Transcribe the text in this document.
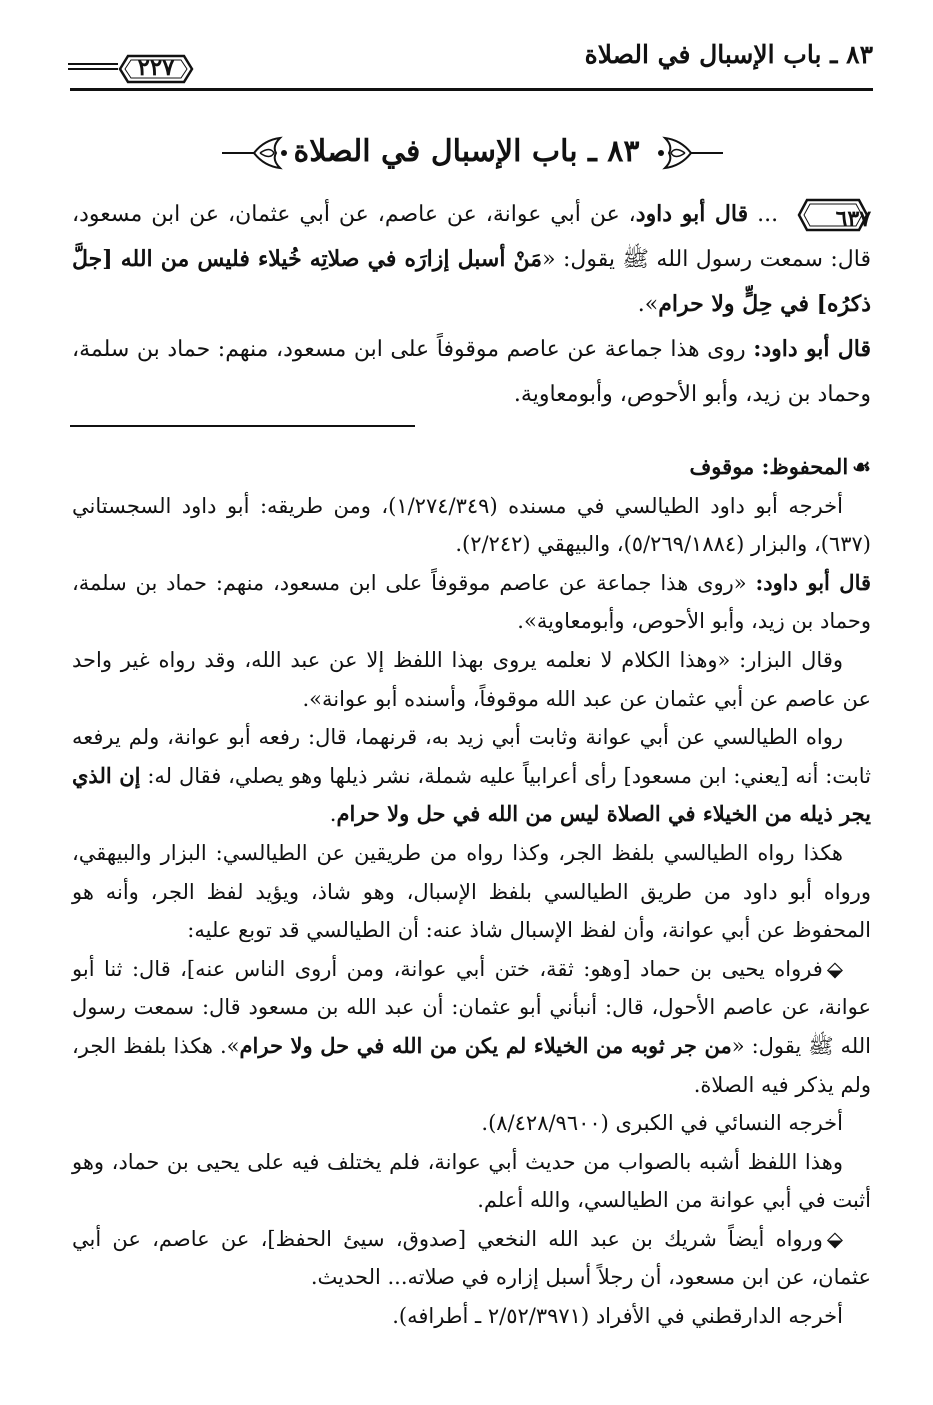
٨٣ ـ باب الإسبال في الصلاة
٢٢٧
٨٣ ـ باب الإسبال في الصلاة

٦٣٧
... قال أبو داود، عن أبي عوانة، عن عاصم، عن أبي عثمان، عن ابن مسعود، قال: سمعت رسول الله ﷺ يقول: «مَنْ أسبل إزارَه في صلاتِه خُيلاء فليس من الله [جلَّ ذكرُه] في حِلٍّ ولا حرام».

قال أبو داود: روى هذا جماعة عن عاصم موقوفاً على ابن مسعود، منهم: حماد بن سلمة، وحماد بن زيد، وأبو الأحوص، وأبومعاوية.

☙المحفوظ: موقوف

أخرجه أبو داود الطيالسي في مسنده (١/٢٧٤/٣٤٩)، ومن طريقه: أبو داود السجستاني (٦٣٧)، والبزار (٥/٢٦٩/١٨٨٤)، والبيهقي (٢/٢٤٢).

قال أبو داود: «روى هذا جماعة عن عاصم موقوفاً على ابن مسعود، منهم: حماد بن سلمة، وحماد بن زيد، وأبو الأحوص، وأبومعاوية».

وقال البزار: «وهذا الكلام لا نعلمه يروى بهذا اللفظ إلا عن عبد الله، وقد رواه غير واحد عن عاصم عن أبي عثمان عن عبد الله موقوفاً، وأسنده أبو عوانة».

رواه الطيالسي عن أبي عوانة وثابت أبي زيد به، قرنهما، قال: رفعه أبو عوانة، ولم يرفعه ثابت: أنه [يعني: ابن مسعود] رأى أعرابياً عليه شملة، نشر ذيلها وهو يصلي، فقال له: إن الذي يجر ذيله من الخيلاء في الصلاة ليس من الله في حل ولا حرام.

هكذا رواه الطيالسي بلفظ الجر، وكذا رواه من طريقين عن الطيالسي: البزار والبيهقي، ورواه أبو داود من طريق الطيالسي بلفظ الإسبال، وهو شاذ، ويؤيد لفظ الجر، وأنه هو المحفوظ عن أبي عوانة، وأن لفظ الإسبال شاذ عنه: أن الطيالسي قد توبع عليه:

⬙فرواه يحيى بن حماد [وهو: ثقة، ختن أبي عوانة، ومن أروى الناس عنه]، قال: ثنا أبو عوانة، عن عاصم الأحول، قال: أنبأني أبو عثمان: أن عبد الله بن مسعود قال: سمعت رسول الله ﷺ يقول: «من جر ثوبه من الخيلاء لم يكن من الله في حل ولا حرام». هكذا بلفظ الجر، ولم يذكر فيه الصلاة.

أخرجه النسائي في الكبرى (٨/٤٢٨/٩٦٠٠).

وهذا اللفظ أشبه بالصواب من حديث أبي عوانة، فلم يختلف فيه على يحيى بن حماد، وهو أثبت في أبي عوانة من الطيالسي، والله أعلم.

⬙ورواه أيضاً شريك بن عبد الله النخعي [صدوق، سيئ الحفظ]، عن عاصم، عن أبي عثمان، عن ابن مسعود، أن رجلاً أسبل إزاره في صلاته... الحديث.

أخرجه الدارقطني في الأفراد (٢/٥٢/٣٩٧١ ـ أطرافه).
